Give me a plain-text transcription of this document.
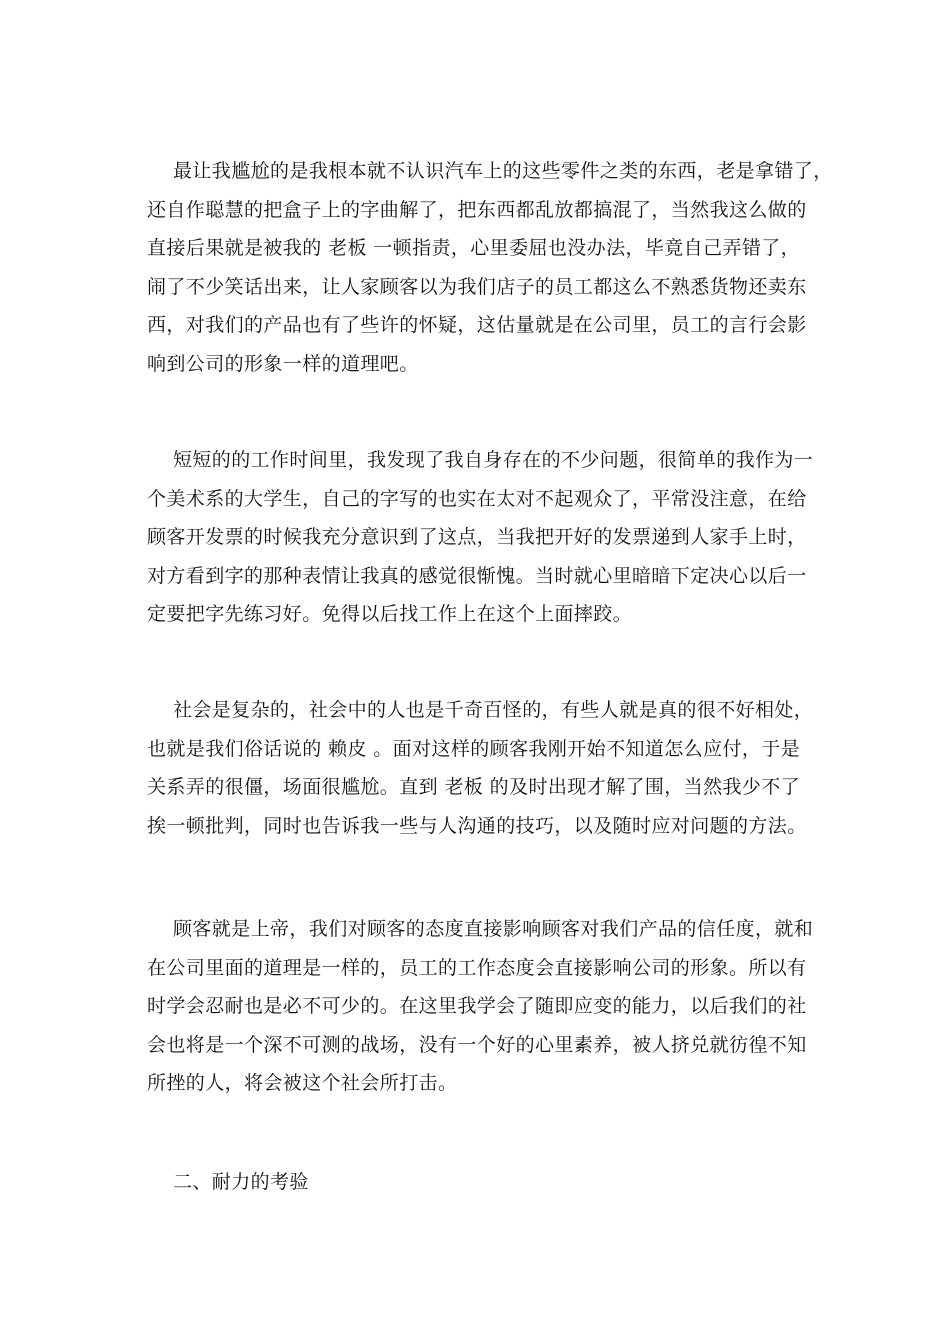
最让我尴尬的是我根本就不认识汽车上的这些零件之类的东西，老是拿错了，
还自作聪慧的把盒子上的字曲解了，把东西都乱放都搞混了，当然我这么做的
直接后果就是被我的 老板 一顿指责，心里委屈也没办法，毕竟自己弄错了，
闹了不少笑话出来，让人家顾客以为我们店子的员工都这么不熟悉货物还卖东
西，对我们的产品也有了些许的怀疑，这估量就是在公司里，员工的言行会影
响到公司的形象一样的道理吧。
短短的的工作时间里，我发现了我自身存在的不少问题，很简单的我作为一
个美术系的大学生，自己的字写的也实在太对不起观众了，平常没注意，在给
顾客开发票的时候我充分意识到了这点，当我把开好的发票递到人家手上时，
对方看到字的那种表情让我真的感觉很惭愧。当时就心里暗暗下定决心以后一
定要把字先练习好。免得以后找工作上在这个上面摔跤。
社会是复杂的，社会中的人也是千奇百怪的，有些人就是真的很不好相处，
也就是我们俗话说的 赖皮 。面对这样的顾客我刚开始不知道怎么应付，于是
关系弄的很僵，场面很尴尬。直到 老板 的及时出现才解了围，当然我少不了
挨一顿批判，同时也告诉我一些与人沟通的技巧，以及随时应对问题的方法。
顾客就是上帝，我们对顾客的态度直接影响顾客对我们产品的信任度，就和
在公司里面的道理是一样的，员工的工作态度会直接影响公司的形象。所以有
时学会忍耐也是必不可少的。在这里我学会了随即应变的能力，以后我们的社
会也将是一个深不可测的战场，没有一个好的心里素养，被人挤兑就彷徨不知
所挫的人，将会被这个社会所打击。
二、耐力的考验
